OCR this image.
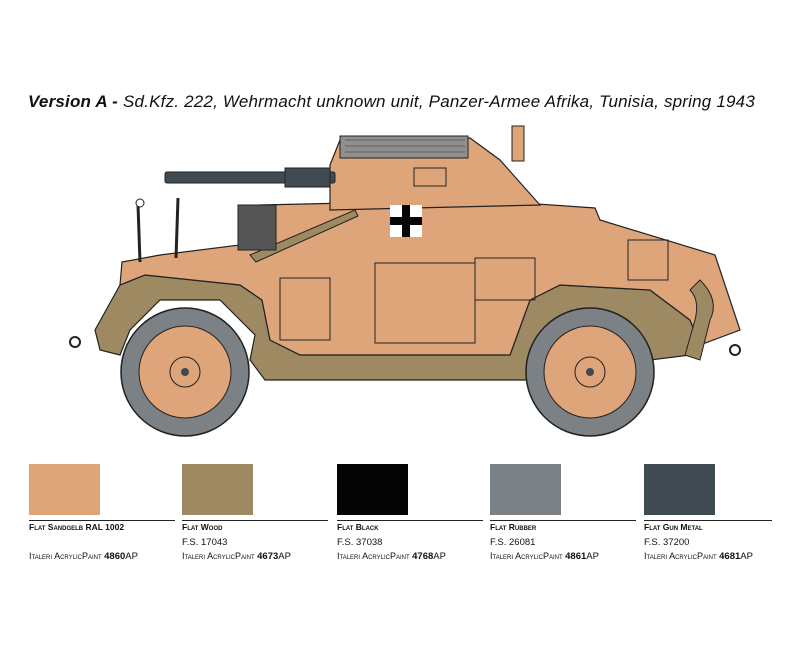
Version A - Sd.Kfz. 222, Wehrmacht unknown unit, Panzer-Armee Afrika, Tunisia, spring 1943
Flat Sandgelb RAL 1002
Italeri AcrylicPaint 4860AP
Flat Wood
F.S. 17043
Italeri AcrylicPaint 4673AP
Flat Black
F.S. 37038
Italeri AcrylicPaint 4768AP
Flat Rubber
F.S. 26081
Italeri AcrylicPaint 4861AP
Flat Gun Metal
F.S. 37200
Italeri AcrylicPaint 4681AP
